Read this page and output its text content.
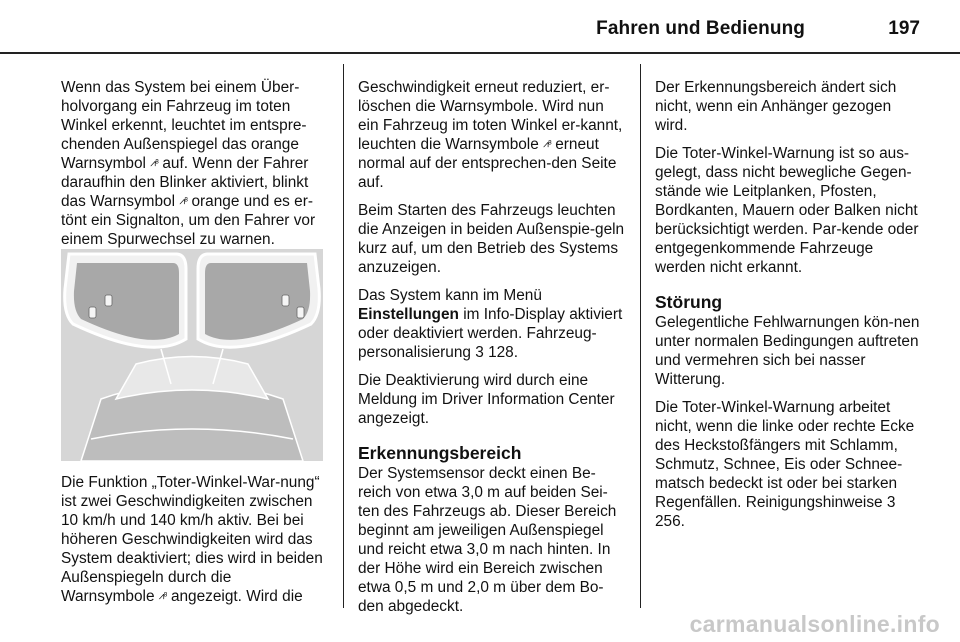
Fahren und Bedienung	197

Wenn das System bei einem Über-holvorgang ein Fahrzeug im toten Winkel erkennt, leuchtet im entspre-chenden Außenspiegel das orange Warnsymbol ⩘⁸ auf. Wenn der Fahrer daraufhin den Blinker aktiviert, blinkt das Warnsymbol ⩘⁸ orange und es er-tönt ein Signalton, um den Fahrer vor einem Spurwechsel zu warnen.

Die Funktion „Toter-Winkel-War-nung“ ist zwei Geschwindigkeiten zwischen 10 km/h und 140 km/h aktiv. Bei bei höheren Geschwindigkeiten wird das System deaktiviert; dies wird in beiden Außenspiegeln durch die Warnsymbole ⩘⁸ angezeigt. Wird die

Geschwindigkeit erneut reduziert, er-löschen die Warnsymbole. Wird nun ein Fahrzeug im toten Winkel er-kannt, leuchten die Warnsymbole ⩘⁸ erneut normal auf der entsprechen-den Seite auf.

Beim Starten des Fahrzeugs leuchten die Anzeigen in beiden Außenspie-geln kurz auf, um den Betrieb des Systems anzuzeigen.

Das System kann im Menü Einstellungen im Info-Display aktiviert oder deaktiviert werden. Fahrzeug-personalisierung 3 128.

Die Deaktivierung wird durch eine Meldung im Driver Information Center angezeigt.

Erkennungsbereich

Der Systemsensor deckt einen Be-reich von etwa 3,0 m auf beiden Sei-ten des Fahrzeugs ab. Dieser Bereich beginnt am jeweiligen Außenspiegel und reicht etwa 3,0 m nach hinten. In der Höhe wird ein Bereich zwischen etwa 0,5 m und 2,0 m über dem Bo-den abgedeckt.

Der Erkennungsbereich ändert sich nicht, wenn ein Anhänger gezogen wird.

Die Toter-Winkel-Warnung ist so aus-gelegt, dass nicht bewegliche Gegen-stände wie Leitplanken, Pfosten, Bordkanten, Mauern oder Balken nicht berücksichtigt werden. Par-kende oder entgegenkommende Fahrzeuge werden nicht erkannt.

Störung

Gelegentliche Fehlwarnungen kön-nen unter normalen Bedingungen auftreten und vermehren sich bei nasser Witterung.

Die Toter-Winkel-Warnung arbeitet nicht, wenn die linke oder rechte Ecke des Heckstoßfängers mit Schlamm, Schmutz, Schnee, Eis oder Schnee-matsch bedeckt ist oder bei starken Regenfällen. Reinigungshinweise 3 256.

carmanualsonline.info
